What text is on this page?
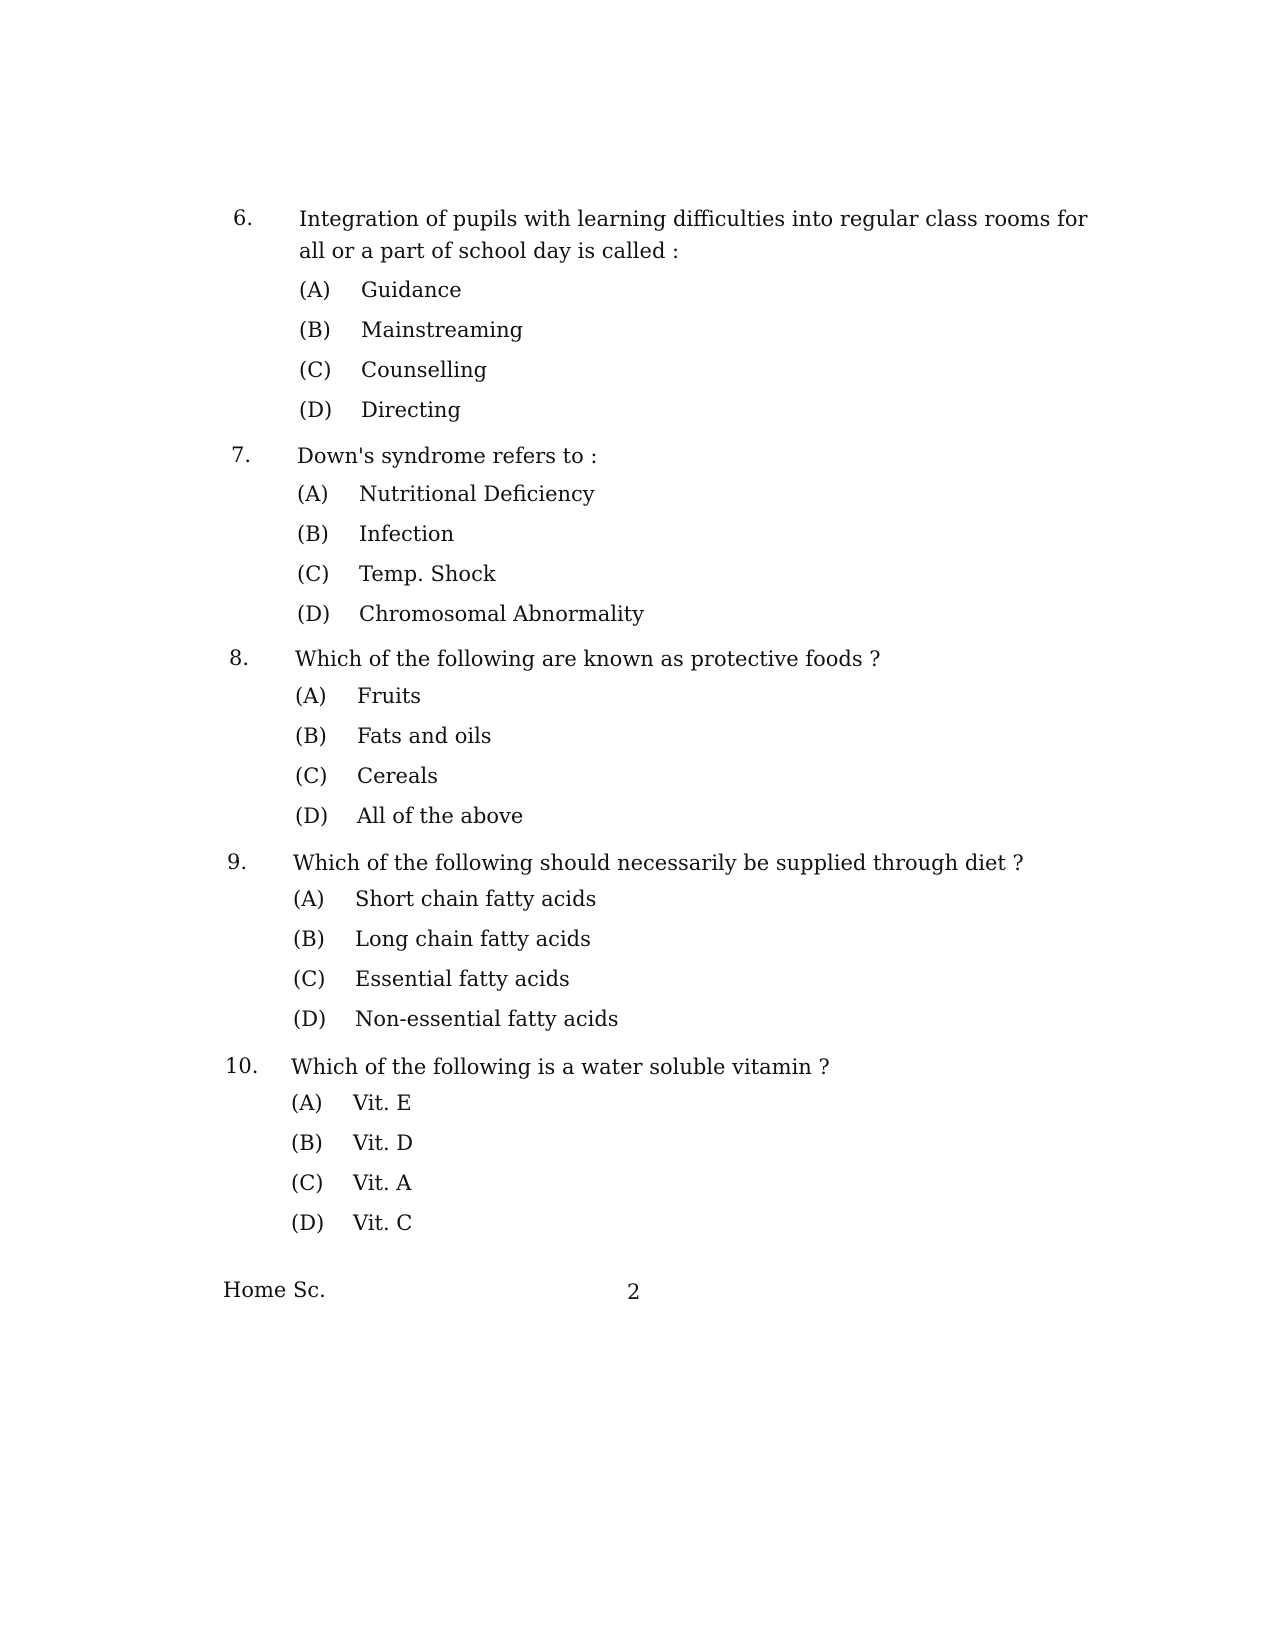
6. Integration of pupils with learning difficulties into regular class rooms for all or a part of school day is called :
(A) Guidance
(B) Mainstreaming
(C) Counselling
(D) Directing
7. Down's syndrome refers to :
(A) Nutritional Deficiency
(B) Infection
(C) Temp. Shock
(D) Chromosomal Abnormality
8. Which of the following are known as protective foods ?
(A) Fruits
(B) Fats and oils
(C) Cereals
(D) All of the above
9. Which of the following should necessarily be supplied through diet ?
(A) Short chain fatty acids
(B) Long chain fatty acids
(C) Essential fatty acids
(D) Non-essential fatty acids
10. Which of the following is a water soluble vitamin ?
(A) Vit. E
(B) Vit. D
(C) Vit. A
(D) Vit. C
Home Sc.	2
